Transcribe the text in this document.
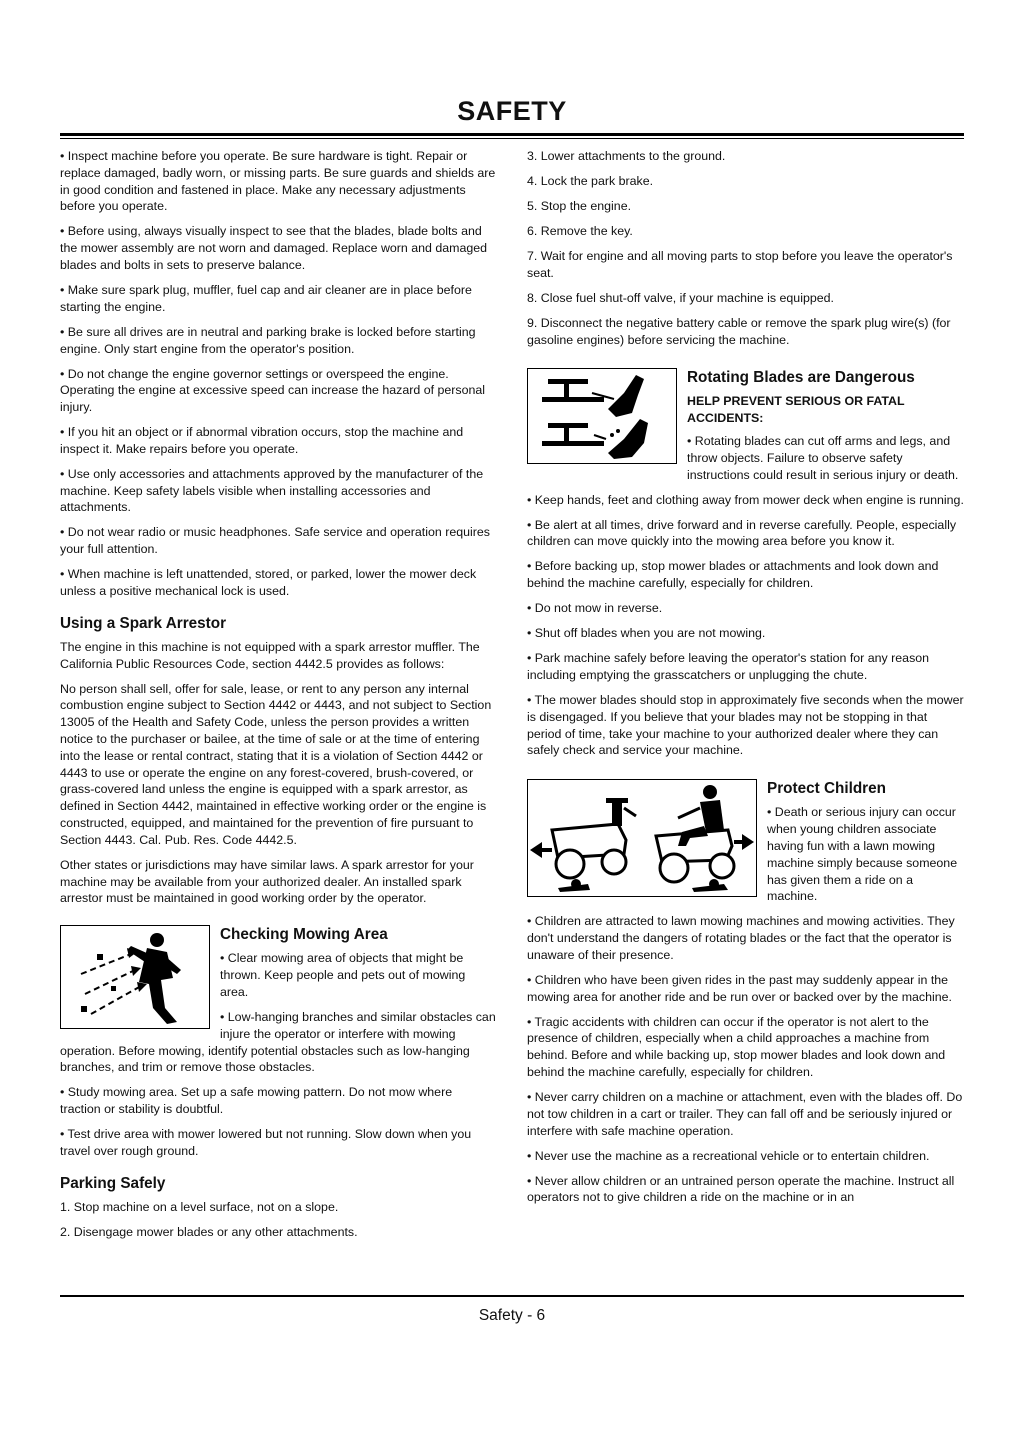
SAFETY

• Inspect machine before you operate. Be sure hardware is tight. Repair or replace damaged, badly worn, or missing parts. Be sure guards and shields are in good condition and fastened in place. Make any necessary adjustments before you operate.

• Before using, always visually inspect to see that the blades, blade bolts and the mower assembly are not worn and damaged. Replace worn and damaged blades and bolts in sets to preserve balance.

• Make sure spark plug, muffler, fuel cap and air cleaner are in place before starting the engine.

• Be sure all drives are in neutral and parking brake is locked before starting engine. Only start engine from the operator's position.

• Do not change the engine governor settings or overspeed the engine. Operating the engine at excessive speed can increase the hazard of personal injury.

• If you hit an object or if abnormal vibration occurs, stop the machine and inspect it. Make repairs before you operate.

• Use only accessories and attachments approved by the manufacturer of the machine. Keep safety labels visible when installing accessories and attachments.

• Do not wear radio or music headphones. Safe service and operation requires your full attention.

• When machine is left unattended, stored, or parked, lower the mower deck unless a positive mechanical lock is used.

Using a Spark Arrestor

The engine in this machine is not equipped with a spark arrestor muffler. The California Public Resources Code, section 4442.5 provides as follows:

No person shall sell, offer for sale, lease, or rent to any person any internal combustion engine subject to Section 4442 or 4443, and not subject to Section 13005 of the Health and Safety Code, unless the person provides a written notice to the purchaser or bailee, at the time of sale or at the time of entering into the lease or rental contract, stating that it is a violation of Section 4442 or 4443 to use or operate the engine on any forest-covered, brush-covered, or grass-covered land unless the engine is equipped with a spark arrestor, as defined in Section 4442, maintained in effective working order or the engine is constructed, equipped, and maintained for the prevention of fire pursuant to Section 4443. Cal. Pub. Res. Code 4442.5.

Other states or jurisdictions may have similar laws. A spark arrestor for your machine may be available from your authorized dealer. An installed spark arrestor must be maintained in good working order by the operator.

Checking Mowing Area

• Clear mowing area of objects that might be thrown. Keep people and pets out of mowing area.

• Low-hanging branches and similar obstacles can injure the operator or interfere with mowing operation. Before mowing, identify potential obstacles such as low-hanging branches, and trim or remove those obstacles.

• Study mowing area. Set up a safe mowing pattern. Do not mow where traction or stability is doubtful.

• Test drive area with mower lowered but not running. Slow down when you travel over rough ground.

Parking Safely

1. Stop machine on a level surface, not on a slope.

2. Disengage mower blades or any other attachments.

3. Lower attachments to the ground.

4. Lock the park brake.

5. Stop the engine.

6. Remove the key.

7. Wait for engine and all moving parts to stop before you leave the operator's seat.

8. Close fuel shut-off valve, if your machine is equipped.

9. Disconnect the negative battery cable or remove the spark plug wire(s) (for gasoline engines) before servicing the machine.

Rotating Blades are Dangerous

HELP PREVENT SERIOUS OR FATAL ACCIDENTS:

• Rotating blades can cut off arms and legs, and throw objects. Failure to observe safety instructions could result in serious injury or death.

• Keep hands, feet and clothing away from mower deck when engine is running.

• Be alert at all times, drive forward and in reverse carefully. People, especially children can move quickly into the mowing area before you know it.

• Before backing up, stop mower blades or attachments and look down and behind the machine carefully, especially for children.

• Do not mow in reverse.

• Shut off blades when you are not mowing.

• Park machine safely before leaving the operator's station for any reason including emptying the grasscatchers or unplugging the chute.

• The mower blades should stop in approximately five seconds when the mower is disengaged. If you believe that your blades may not be stopping in that period of time, take your machine to your authorized dealer where they can safely check and service your machine.

Protect Children

• Death or serious injury can occur when young children associate having fun with a lawn mowing machine simply because someone has given them a ride on a machine.

• Children are attracted to lawn mowing machines and mowing activities. They don't understand the dangers of rotating blades or the fact that the operator is unaware of their presence.

• Children who have been given rides in the past may suddenly appear in the mowing area for another ride and be run over or backed over by the machine.

• Tragic accidents with children can occur if the operator is not alert to the presence of children, especially when a child approaches a machine from behind. Before and while backing up, stop mower blades and look down and behind the machine carefully, especially for children.

• Never carry children on a machine or attachment, even with the blades off. Do not tow children in a cart or trailer. They can fall off and be seriously injured or interfere with safe machine operation.

• Never use the machine as a recreational vehicle or to entertain children.

• Never allow children or an untrained person operate the machine. Instruct all operators not to give children a ride on the machine or in an

Safety - 6
